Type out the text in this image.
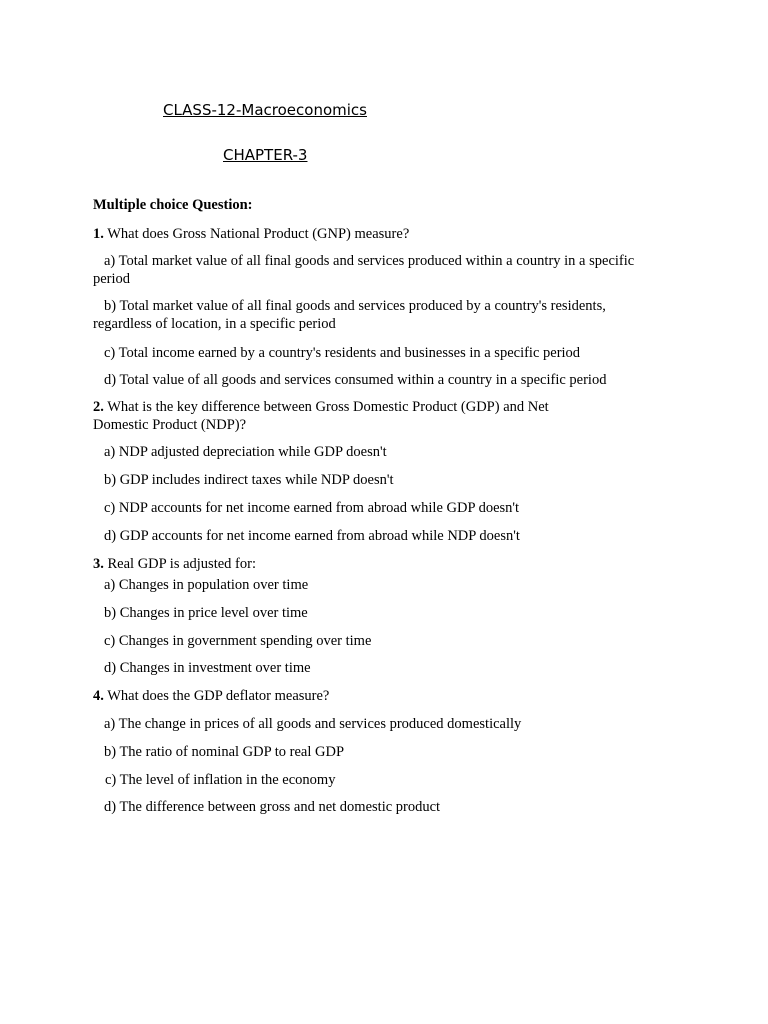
CLASS-12-Macroeconomics
CHAPTER-3
Multiple choice Question:
1. What does Gross National Product (GNP) measure?
a) Total market value of all final goods and services produced within a country in a specific period
b) Total market value of all final goods and services produced by a country's residents, regardless of location, in a specific period
c) Total income earned by a country's residents and businesses in a specific period
d) Total value of all goods and services consumed within a country in a specific period
2. What is the key difference between Gross Domestic Product (GDP) and Net Domestic Product (NDP)?
a) NDP adjusted depreciation while GDP doesn't
b) GDP includes indirect taxes while NDP doesn't
c) NDP accounts for net income earned from abroad while GDP doesn't
d) GDP accounts for net income earned from abroad while NDP doesn't
3. Real GDP is adjusted for:
a) Changes in population over time
b) Changes in price level over time
c) Changes in government spending over time
d) Changes in investment over time
4. What does the GDP deflator measure?
a) The change in prices of all goods and services produced domestically
b) The ratio of nominal GDP to real GDP
c) The level of inflation in the economy
d) The difference between gross and net domestic product
